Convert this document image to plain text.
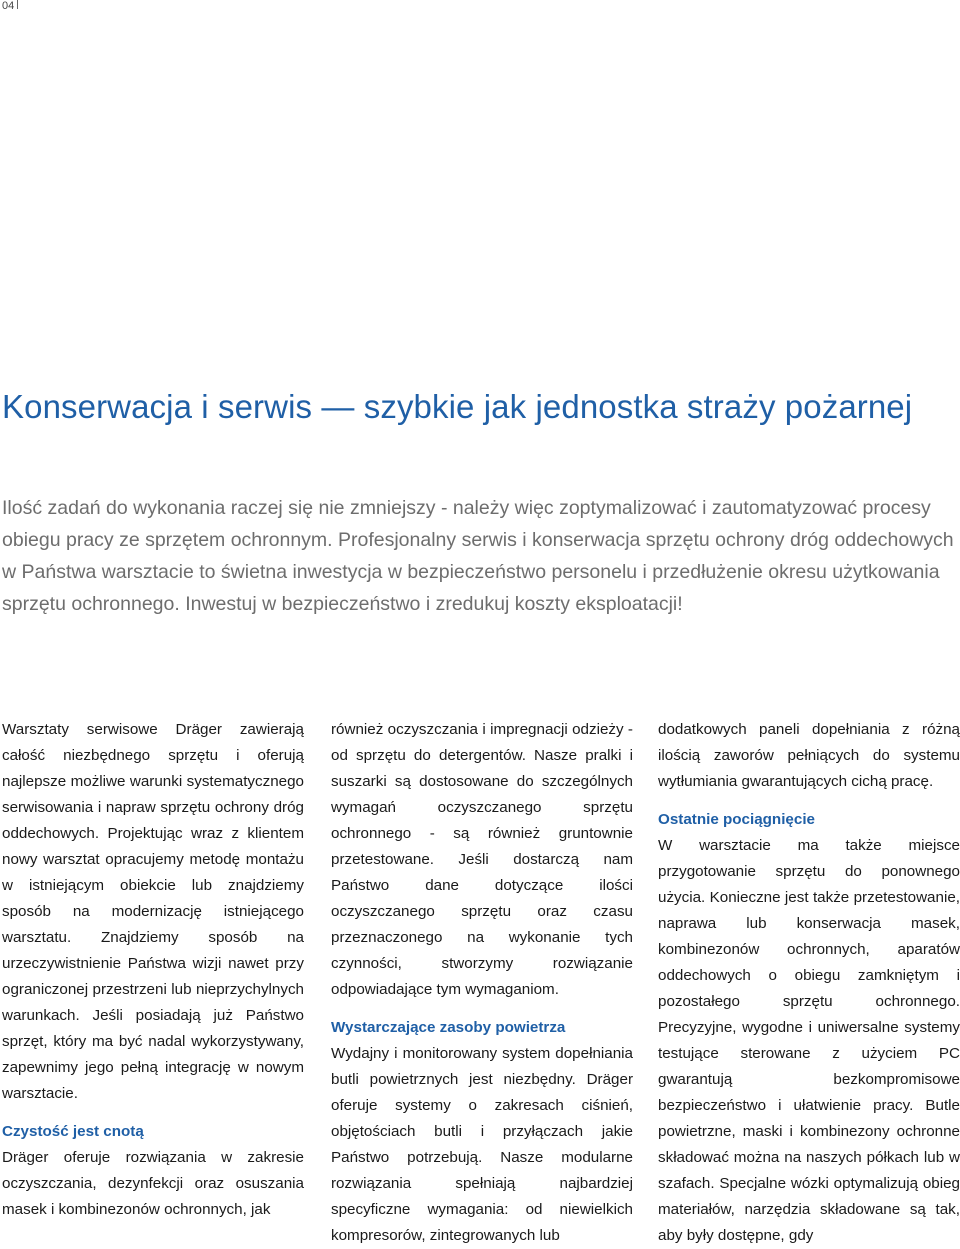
04
Konserwacja i serwis — szybkie jak jednostka straży pożarnej

Ilość zadań do wykonania raczej się nie zmniejszy - należy więc zoptymalizować i zautomatyzować procesy obiegu pracy ze sprzętem ochronnym. Profesjonalny serwis i konserwacja sprzętu ochrony dróg oddechowych w Państwa warsztacie to świetna inwestycja w bezpieczeństwo personelu i przedłużenie okresu użytkowania sprzętu ochronnego. Inwestuj w bezpieczeństwo i zredukuj koszty eksploatacji!

Warsztaty serwisowe Dräger zawierają całość niezbędnego sprzętu i oferują najlepsze możliwe warunki systematycznego serwisowania i napraw sprzętu ochrony dróg oddechowych. Projektując wraz z klientem nowy warsztat opracujemy metodę montażu w istniejącym obiekcie lub znajdziemy sposób na modernizację istniejącego warsztatu. Znajdziemy sposób na urzeczywistnienie Państwa wizji nawet przy ograniczonej przestrzeni lub nieprzychylnych warunkach. Jeśli posiadają już Państwo sprzęt, który ma być nadal wykorzystywany, zapewnimy jego pełną integrację w nowym warsztacie.

Czystość jest cnotą

Dräger oferuje rozwiązania w zakresie oczyszczania, dezynfekcji oraz osuszania masek i kombinezonów ochronnych, jak

również oczyszczania i impregnacji odzieży - od sprzętu do detergentów. Nasze pralki i suszarki są dostosowane do szczególnych wymagań oczyszczanego sprzętu ochronnego - są również gruntownie przetestowane. Jeśli dostarczą nam Państwo dane dotyczące ilości oczyszczanego sprzętu oraz czasu przeznaczonego na wykonanie tych czynności, stworzymy rozwiązanie odpowiadające tym wymaganiom.

Wystarczające zasoby powietrza

Wydajny i monitorowany system dopełniania butli powietrznych jest niezbędny. Dräger oferuje systemy o zakresach ciśnień, objętościach butli i przyłączach jakie Państwo potrzebują. Nasze modularne rozwiązania spełniają najbardziej specyficzne wymagania: od niewielkich kompresorów, zintegrowanych lub

dodatkowych paneli dopełniania z różną ilością zaworów pełniących do systemu wytłumiania gwarantujących cichą pracę.

Ostatnie pociągnięcie

W warsztacie ma także miejsce przygotowanie sprzętu do ponownego użycia. Konieczne jest także przetestowanie, naprawa lub konserwacja masek, kombinezonów ochronnych, aparatów oddechowych o obiegu zamkniętym i pozostałego sprzętu ochronnego. Precyzyjne, wygodne i uniwersalne systemy testujące sterowane z użyciem PC gwarantują bezkompromisowe bezpieczeństwo i ułatwienie pracy. Butle powietrzne, maski i kombinezony ochronne składować można na naszych półkach lub w szafach. Specjalne wózki optymalizują obieg materiałów, narzędzia składowane są tak, aby były dostępne, gdy
